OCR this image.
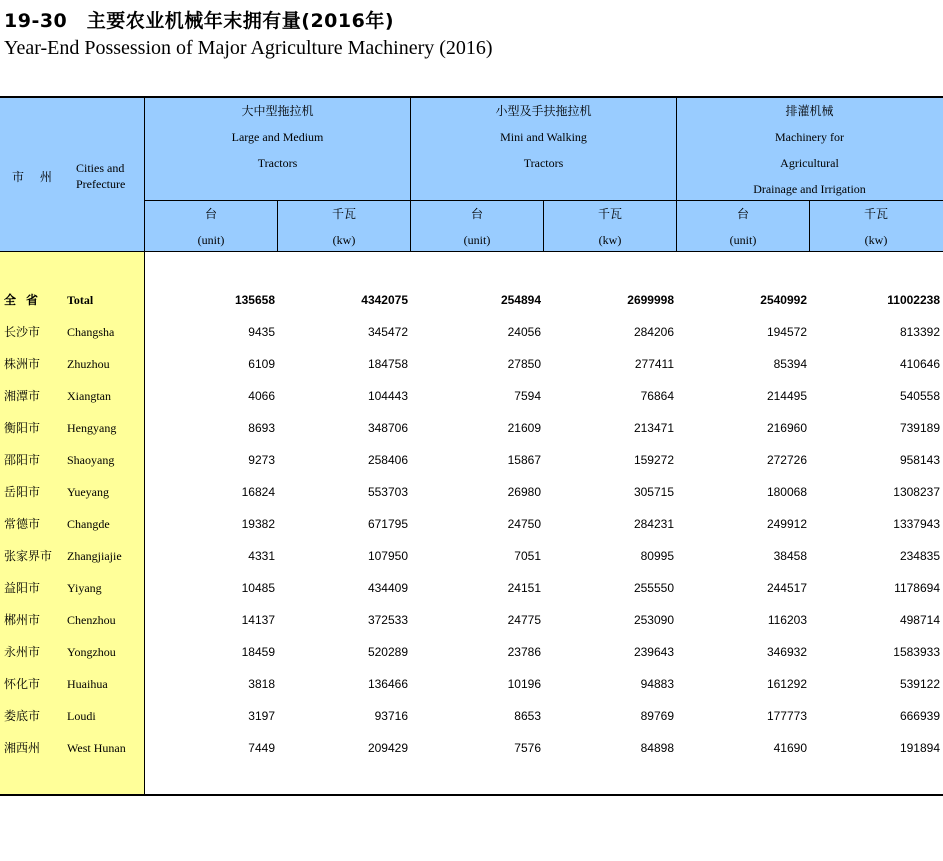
19-30　主要农业机械年末拥有量(2016年)
Year-End Possession of Major Agriculture Machinery (2016)
市 州
Cities and
Prefecture
大中型拖拉机
Large and Medium
Tractors
小型及手扶拖拉机
Mini and Walking
Tractors
排灌机械
Machinery for
Agricultural
Drainage and Irrigation
台
(unit)
千瓦
(kw)
台
(unit)
千瓦
(kw)
台
(unit)
千瓦
(kw)
全省 Total	135658	4342075	254894	2699998	2540992	11002238
长沙市 Changsha	9435	345472	24056	284206	194572	813392
株洲市 Zhuzhou	6109	184758	27850	277411	85394	410646
湘潭市 Xiangtan	4066	104443	7594	76864	214495	540558
衡阳市 Hengyang	8693	348706	21609	213471	216960	739189
邵阳市 Shaoyang	9273	258406	15867	159272	272726	958143
岳阳市 Yueyang	16824	553703	26980	305715	180068	1308237
常德市 Changde	19382	671795	24750	284231	249912	1337943
张家界市 Zhangjiajie	4331	107950	7051	80995	38458	234835
益阳市 Yiyang	10485	434409	24151	255550	244517	1178694
郴州市 Chenzhou	14137	372533	24775	253090	116203	498714
永州市 Yongzhou	18459	520289	23786	239643	346932	1583933
怀化市 Huaihua	3818	136466	10196	94883	161292	539122
娄底市 Loudi	3197	93716	8653	89769	177773	666939
湘西州 West Hunan	7449	209429	7576	84898	41690	191894
